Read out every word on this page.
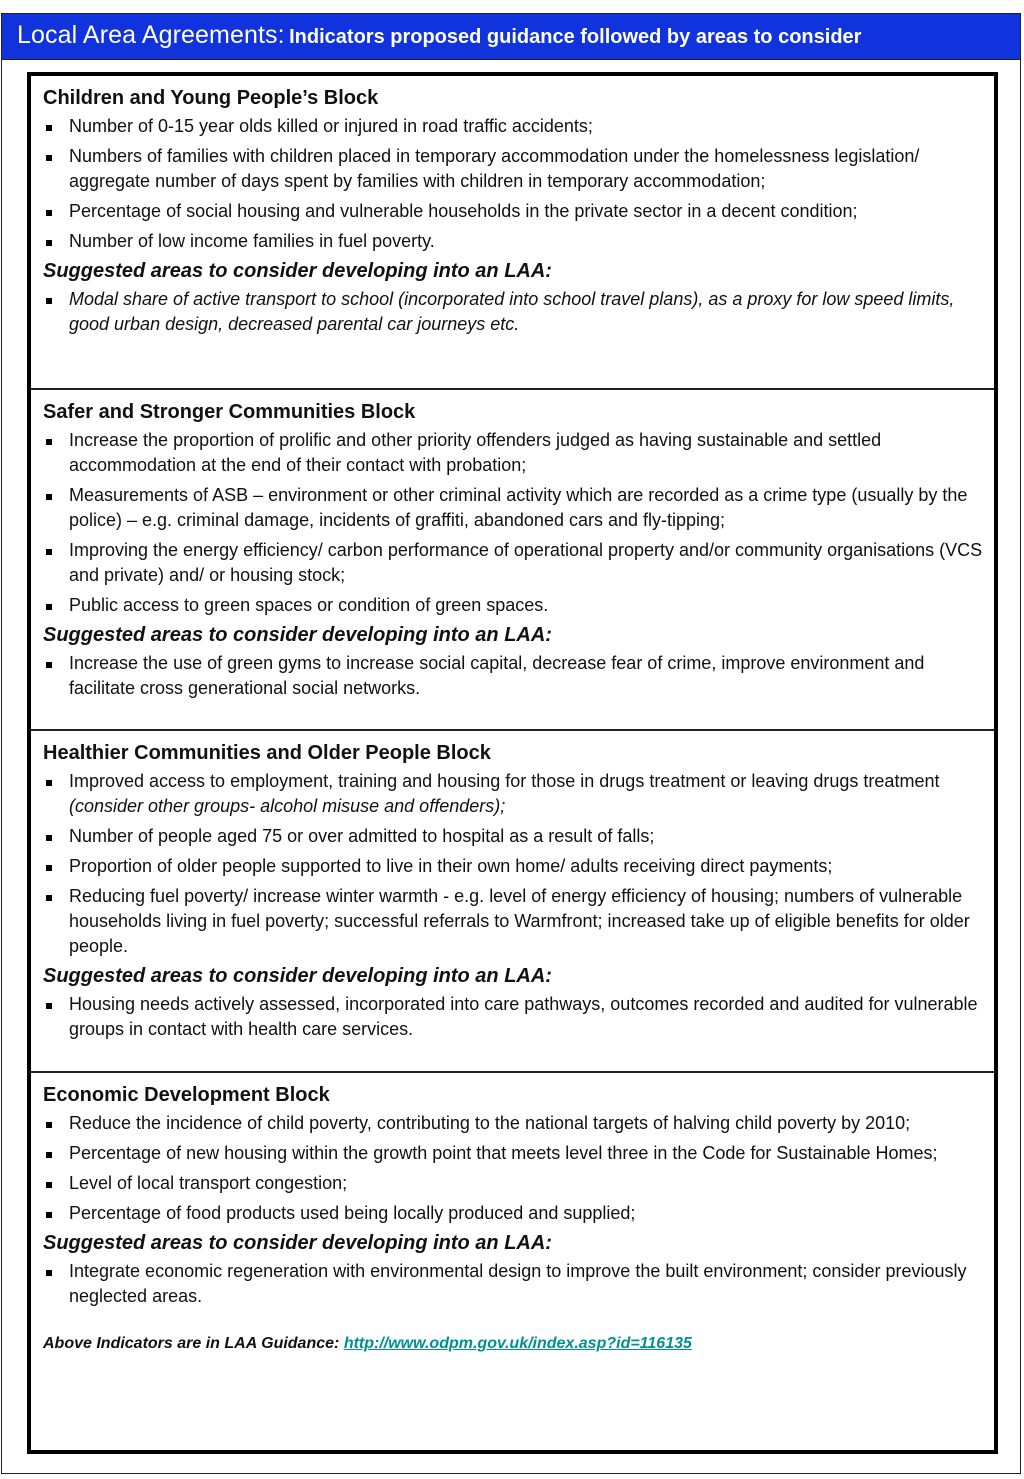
Local Area Agreements: Indicators proposed guidance followed by areas to consider
Children and Young People’s Block
Number of 0-15 year olds killed or injured in road traffic accidents;
Numbers of families with children placed in temporary accommodation under the homelessness legislation/ aggregate number of days spent by families with children in temporary accommodation;
Percentage of social housing and vulnerable households in the private sector in a decent condition;
Number of low income families in fuel poverty.
Suggested areas to consider developing into an LAA:
Modal share of active transport to school (incorporated into school travel plans), as a proxy for low speed limits, good urban design, decreased parental car journeys etc.
Safer and Stronger Communities Block
Increase the proportion of prolific and other priority offenders judged as having sustainable and settled accommodation at the end of their contact with probation;
Measurements of ASB – environment or other criminal activity which are recorded as a crime type (usually by the police) – e.g. criminal damage, incidents of graffiti, abandoned cars and fly-tipping;
Improving the energy efficiency/ carbon performance of operational property and/or community organisations (VCS and private) and/ or housing stock;
Public access to green spaces or condition of green spaces.
Suggested areas to consider developing into an LAA:
Increase the use of green gyms to increase social capital, decrease fear of crime, improve environment and facilitate cross generational social networks.
Healthier Communities and Older People Block
Improved access to employment, training and housing for those in drugs treatment or leaving drugs treatment (consider other groups- alcohol misuse and offenders);
Number of people aged 75 or over admitted to hospital as a result of falls;
Proportion of older people supported to live in their own home/ adults receiving direct payments;
Reducing fuel poverty/ increase winter warmth - e.g. level of energy efficiency of housing; numbers of vulnerable households living in fuel poverty; successful referrals to Warmfront; increased take up of eligible benefits for older people.
Suggested areas to consider developing into an LAA:
Housing needs actively assessed, incorporated into care pathways, outcomes recorded and audited for vulnerable groups in contact with health care services.
Economic Development Block
Reduce the incidence of child poverty, contributing to the national targets of halving child poverty by 2010;
Percentage of new housing within the growth point that meets level three in the Code for Sustainable Homes;
Level of local transport congestion;
Percentage of food products used being locally produced and supplied;
Suggested areas to consider developing into an LAA:
Integrate economic regeneration with environmental design to improve the built environment; consider previously neglected areas.
Above Indicators are in LAA Guidance: http://www.odpm.gov.uk/index.asp?id=116135
